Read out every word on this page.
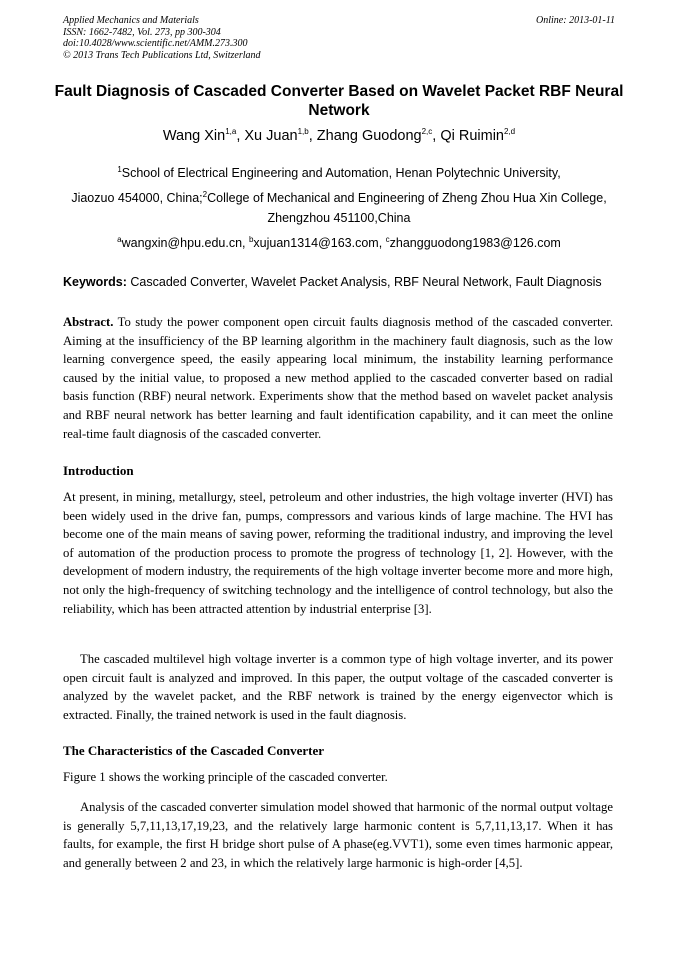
Applied Mechanics and Materials
ISSN: 1662-7482, Vol. 273, pp 300-304
doi:10.4028/www.scientific.net/AMM.273.300
© 2013 Trans Tech Publications Ltd, Switzerland
Online: 2013-01-11
Fault Diagnosis of Cascaded Converter Based on Wavelet Packet RBF Neural Network
Wang Xin$^{1,a}$, Xu Juan$^{1,b}$, Zhang Guodong$^{2,c}$, Qi Ruimin$^{2,d}$
$^1$School of Electrical Engineering and Automation, Henan Polytechnic University,
Jiaozuo 454000, China;$^2$College of Mechanical and Engineering of Zheng Zhou Hua Xin College,
Zhengzhou 451100,China
$^a$wangxin@hpu.edu.cn, $^b$xujuan1314@163.com, $^c$zhangguodong1983@126.com
Keywords: Cascaded Converter, Wavelet Packet Analysis, RBF Neural Network, Fault Diagnosis
Abstract. To study the power component open circuit faults diagnosis method of the cascaded converter. Aiming at the insufficiency of the BP learning algorithm in the machinery fault diagnosis, such as the low learning convergence speed, the easily appearing local minimum, the instability learning performance caused by the initial value, to proposed a new method applied to the cascaded converter based on radial basis function (RBF) neural network. Experiments show that the method based on wavelet packet analysis and RBF neural network has better learning and fault identification capability, and it can meet the online real-time fault diagnosis of the cascaded converter.
Introduction
At present, in mining, metallurgy, steel, petroleum and other industries, the high voltage inverter (HVI) has been widely used in the drive fan, pumps, compressors and various kinds of large machine. The HVI has become one of the main means of saving power, reforming the traditional industry, and improving the level of automation of the production process to promote the progress of technology [1, 2]. However, with the development of modern industry, the requirements of the high voltage inverter become more and more high, not only the high-frequency of switching technology and the intelligence of control technology, but also the reliability, which has been attracted attention by industrial enterprise [3].
The cascaded multilevel high voltage inverter is a common type of high voltage inverter, and its power open circuit fault is analyzed and improved. In this paper, the output voltage of the cascaded converter is analyzed by the wavelet packet, and the RBF network is trained by the energy eigenvector which is extracted. Finally, the trained network is used in the fault diagnosis.
The Characteristics of the Cascaded Converter
Figure 1 shows the working principle of the cascaded converter.
Analysis of the cascaded converter simulation model showed that harmonic of the normal output voltage is generally 5,7,11,13,17,19,23, and the relatively large harmonic content is 5,7,11,13,17. When it has faults, for example, the first H bridge short pulse of A phase(eg.VVT1), some even times harmonic appear, and generally between 2 and 23, in which the relatively large harmonic is high-order [4,5].
